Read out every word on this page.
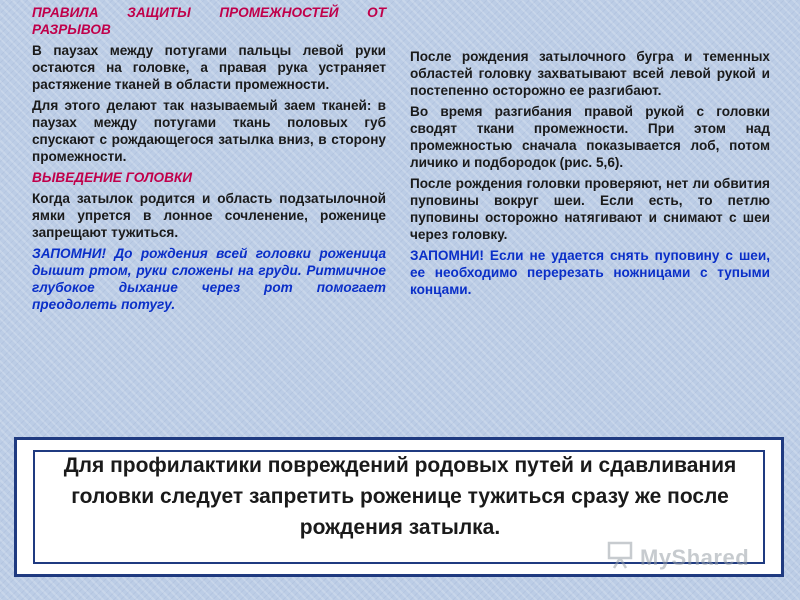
ПРАВИЛА ЗАЩИТЫ ПРОМЕЖНОСТЕЙ ОТ РАЗРЫВОВ

В паузах между потугами пальцы левой руки остаются на головке, а правая рука устраняет растяжение тканей в области промежности.

Для этого делают так называемый заем тканей: в паузах между потугами ткань половых губ спускают с рождающегося затылка вниз, в сторону промежности.

ВЫВЕДЕНИЕ ГОЛОВКИ

Когда затылок родится и область подзатылочной ямки упрется в лонное сочленение, роженице запрещают тужиться.

ЗАПОМНИ! До рождения всей головки роженица дышит ртом, руки сложены на груди. Ритмичное глубокое дыхание через рот помогает преодолеть потугу.

После рождения затылочного бугра и теменных областей головку захватывают всей левой рукой и постепенно осторожно ее разгибают.

Во время разгибания правой рукой с головки сводят ткани промежности. При этом над промежностью сначала показывается лоб, потом личико и подбородок (рис. 5,6).

После рождения головки проверяют, нет ли обвития пуповины вокруг шеи. Если есть, то петлю пуповины осторожно натягивают и снимают с шеи через головку.

ЗАПОМНИ! Если не удается снять пуповину с шеи, ее необходимо перерезать ножницами с тупыми концами.

Для профилактики повреждений родовых путей и сдавливания головки следует запретить роженице тужиться сразу же после рождения затылка.
MyShared
